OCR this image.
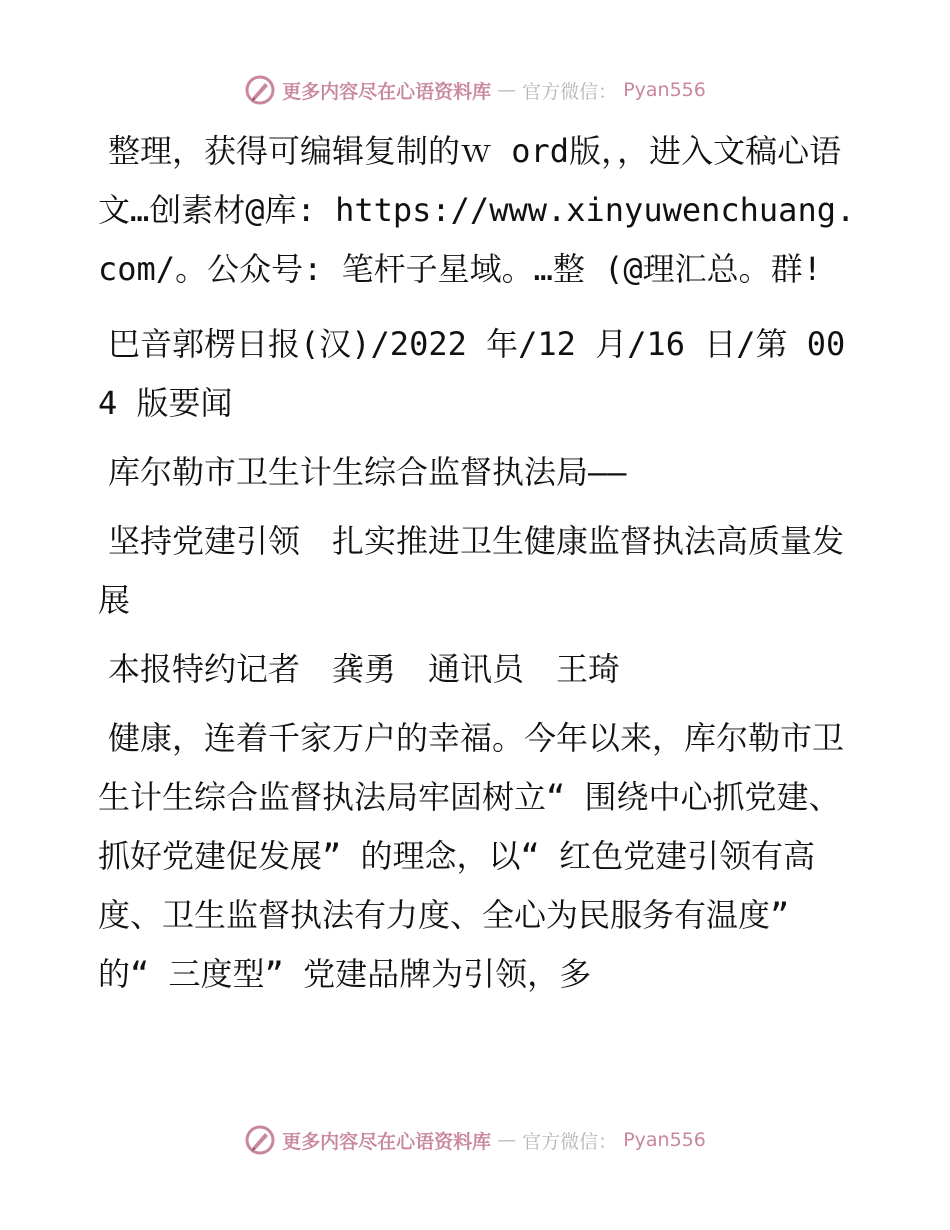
更多内容尽在心语资料库 — 官方微信： Pyan556

整理，获得可编辑复制的ｗ ord版，，进入文稿心语文…创素材@库: https://www.xinyuwenchuang.com/。公众号: 笔杆子星域。…整 (@理汇总。群!

巴音郭楞日报(汉)/2022 年/12 月/16 日/第 004 版要闻

库尔勒市卫生计生综合监督执法局——

坚持党建引领　扎实推进卫生健康监督执法高质量发展

本报特约记者　龚勇　通讯员　王琦

健康，连着千家万户的幸福。今年以来，库尔勒市卫生计生综合监督执法局牢固树立“ 围绕中心抓党建、抓好党建促发展” 的理念，以“ 红色党建引领有高度、卫生监督执法有力度、全心为民服务有温度” 的“ 三度型” 党建品牌为引领，多

更多内容尽在心语资料库 — 官方微信： Pyan556
